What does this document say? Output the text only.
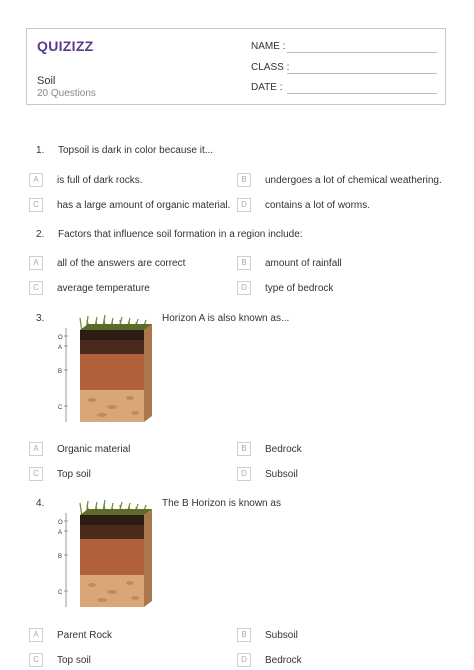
QUIZIZZ
Soil
20 Questions
NAME :
CLASS :
DATE :
1. Topsoil is dark in color because it...
A	is full of dark rocks.	B	undergoes a lot of chemical weathering.
C	has a large amount of organic material.	D	contains a lot of worms.
2. Factors that influence soil formation in a region include:
A	all of the answers are correct	B	amount of rainfall
C	average temperature	D	type of bedrock
3.	Horizon A is also known as...
O
A
B
C
A	Organic material	B	Bedrock
C	Top soil	D	Subsoil
4.	The B Horizon is known as
O
A
B
C
A	Parent Rock	B	Subsoil
C	Top soil	D	Bedrock
